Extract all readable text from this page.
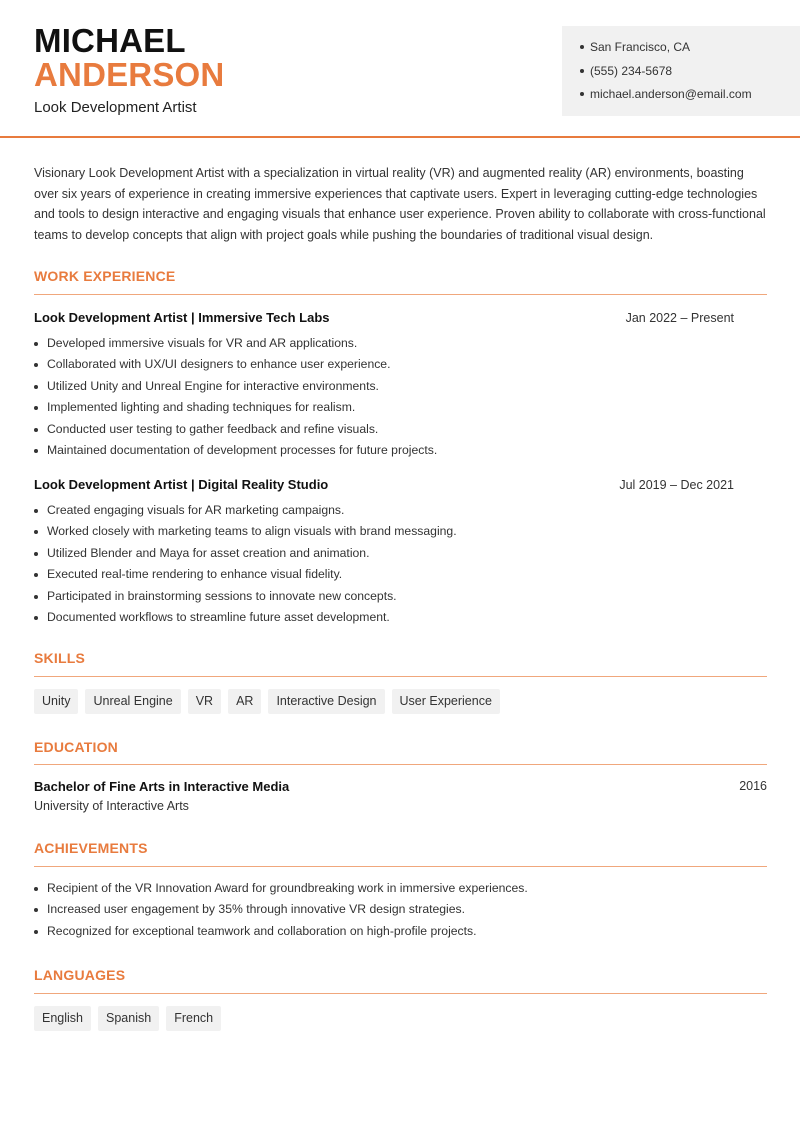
MICHAEL
ANDERSON
Look Development Artist
San Francisco, CA
(555) 234-5678
michael.anderson@email.com
Visionary Look Development Artist with a specialization in virtual reality (VR) and augmented reality (AR) environments, boasting over six years of experience in creating immersive experiences that captivate users. Expert in leveraging cutting-edge technologies and tools to design interactive and engaging visuals that enhance user experience. Proven ability to collaborate with cross-functional teams to develop concepts that align with project goals while pushing the boundaries of traditional visual design.
WORK EXPERIENCE
Look Development Artist | Immersive Tech Labs	Jan 2022 – Present
Developed immersive visuals for VR and AR applications.
Collaborated with UX/UI designers to enhance user experience.
Utilized Unity and Unreal Engine for interactive environments.
Implemented lighting and shading techniques for realism.
Conducted user testing to gather feedback and refine visuals.
Maintained documentation of development processes for future projects.
Look Development Artist | Digital Reality Studio	Jul 2019 – Dec 2021
Created engaging visuals for AR marketing campaigns.
Worked closely with marketing teams to align visuals with brand messaging.
Utilized Blender and Maya for asset creation and animation.
Executed real-time rendering to enhance visual fidelity.
Participated in brainstorming sessions to innovate new concepts.
Documented workflows to streamline future asset development.
SKILLS
Unity	Unreal Engine	VR	AR	Interactive Design	User Experience
EDUCATION
Bachelor of Fine Arts in Interactive Media	2016
University of Interactive Arts
ACHIEVEMENTS
Recipient of the VR Innovation Award for groundbreaking work in immersive experiences.
Increased user engagement by 35% through innovative VR design strategies.
Recognized for exceptional teamwork and collaboration on high-profile projects.
LANGUAGES
English	Spanish	French
